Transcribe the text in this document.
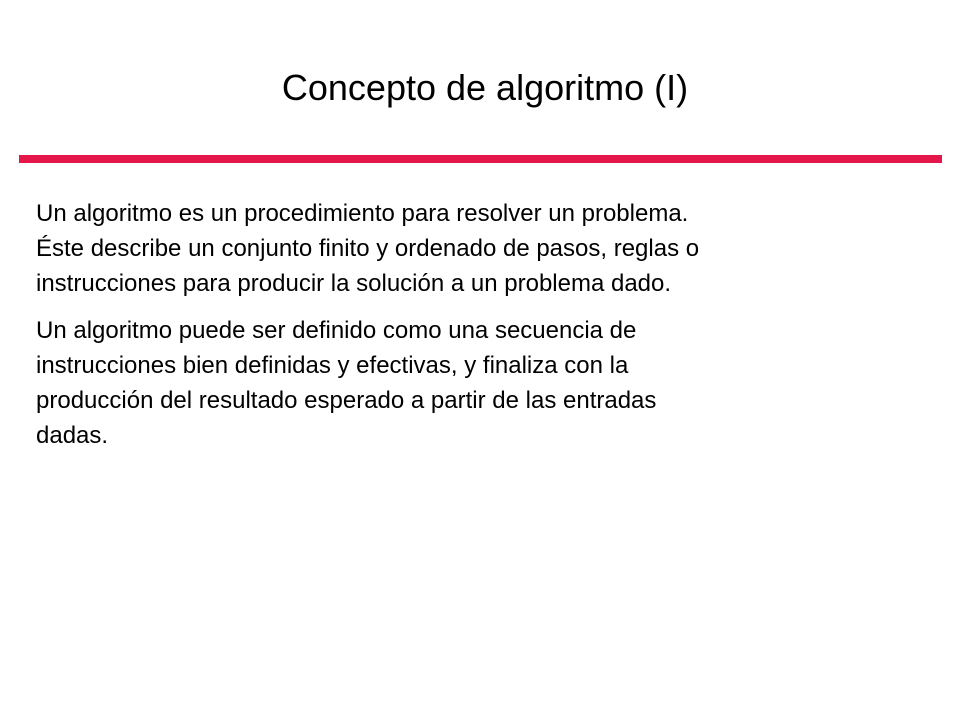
Concepto de algoritmo (I)

Un algoritmo es un procedimiento para resolver un problema.
Éste describe un conjunto finito y ordenado de pasos, reglas o
instrucciones para producir la solución a un problema dado.

Un algoritmo puede ser definido como una secuencia de
instrucciones bien definidas y efectivas, y finaliza con la
producción del resultado esperado a partir de las entradas
dadas.
